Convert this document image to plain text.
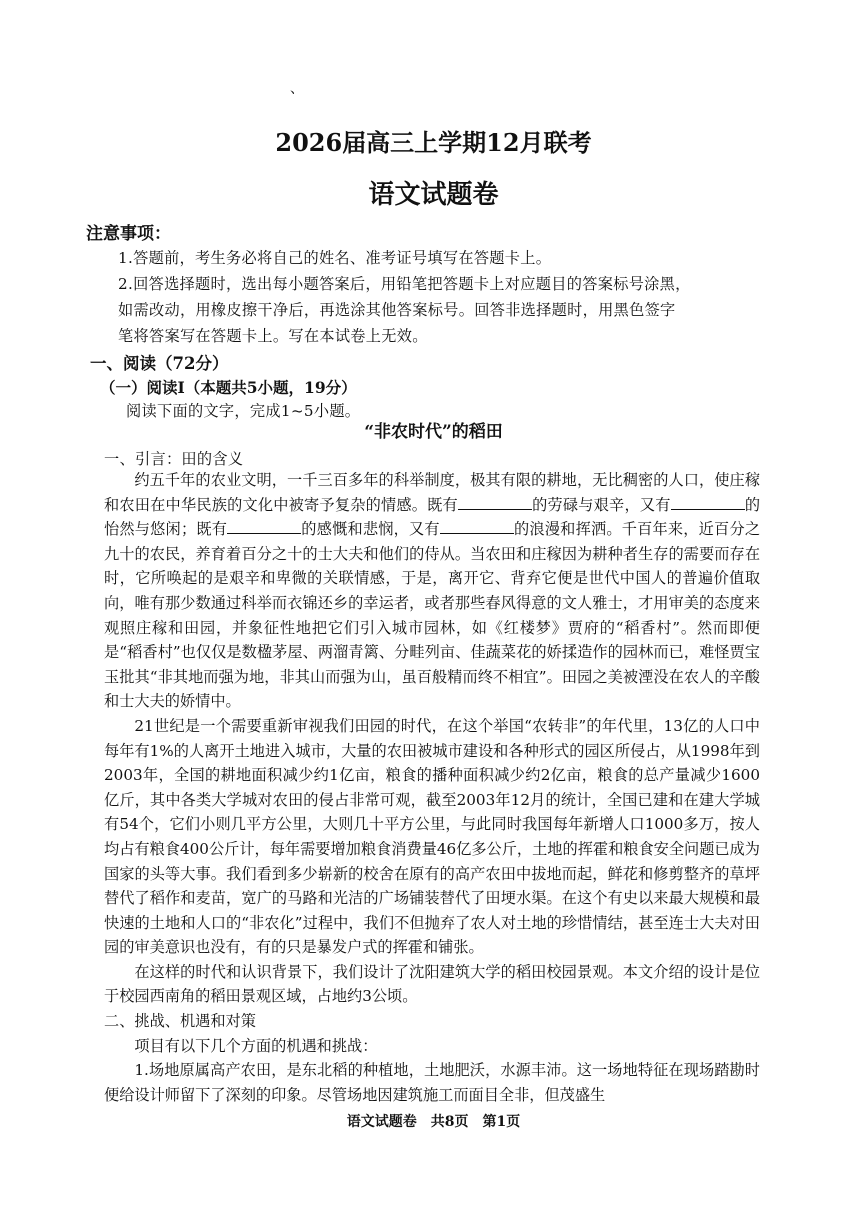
、
2026届高三上学期12月联考
语文试题卷
注意事项：
1.答题前，考生务必将自己的姓名、准考证号填写在答题卡上。
2.回答选择题时，选出每小题答案后，用铅笔把答题卡上对应题目的答案标号涂黑，
如需改动，用橡皮擦干净后，再选涂其他答案标号。回答非选择题时，用黑色签字
笔将答案写在答题卡上。写在本试卷上无效。
一、阅读（72分）
（一）阅读I（本题共5小题，19分）
阅读下面的文字，完成1~5小题。
“非农时代”的稻田
一、引言：田的含义

约五千年的农业文明，一千三百多年的科举制度，极其有限的耕地，无比稠密的人口，使庄稼和农田在中华民族的文化中被寄予复杂的情感。既有	的劳碌与艰辛，又有	的怡然与悠闲；既有	的感慨和悲悯，又有	的浪漫和挥洒。千百年来，近百分之九十的农民，养育着百分之十的士大夫和他们的侍从。当农田和庄稼因为耕种者生存的需要而存在时，它所唤起的是艰辛和卑微的关联情感，于是，离开它、背弃它便是世代中国人的普遍价值取向，唯有那少数通过科举而衣锦还乡的幸运者，或者那些春风得意的文人雅士，才用审美的态度来观照庄稼和田园，并象征性地把它们引入城市园林，如《红楼梦》贾府的“稻香村”。然而即便是“稻香村”也仅仅是数楹茅屋、两溜青篱、分畦列亩、佳蔬菜花的娇揉造作的园林而已，难怪贾宝玉批其“非其地而强为地，非其山而强为山，虽百般精而终不相宜”。田园之美被湮没在农人的辛酸和士大夫的娇情中。

21世纪是一个需要重新审视我们田园的时代，在这个举国“农转非”的年代里，13亿的人口中每年有1%的人离开土地进入城市，大量的农田被城市建设和各种形式的园区所侵占，从1998年到2003年，全国的耕地面积减少约1亿亩，粮食的播种面积减少约2亿亩，粮食的总产量减少1600亿斤，其中各类大学城对农田的侵占非常可观，截至2003年12月的统计，全国已建和在建大学城有54个，它们小则几平方公里，大则几十平方公里，与此同时我国每年新增人口1000多万，按人均占有粮食400公斤计，每年需要增加粮食消费量46亿多公斤，土地的挥霍和粮食安全问题已成为国家的头等大事。我们看到多少崭新的校舍在原有的高产农田中拔地而起，鲜花和修剪整齐的草坪替代了稻作和麦苗，宽广的马路和光洁的广场铺装替代了田埂水渠。在这个有史以来最大规模和最快速的土地和人口的“非农化”过程中，我们不但抛弃了农人对土地的珍惜情结，甚至连士大夫对田园的审美意识也没有，有的只是暴发户式的挥霍和铺张。

在这样的时代和认识背景下，我们设计了沈阳建筑大学的稻田校园景观。本文介绍的设计是位于校园西南角的稻田景观区域，占地约3公顷。

二、挑战、机遇和对策

项目有以下几个方面的机遇和挑战：

1.场地原属高产农田，是东北稻的种植地，土地肥沃，水源丰沛。这一场地特征在现场踏勘时便给设计师留下了深刻的印象。尽管场地因建筑施工而面目全非，但茂盛生

语文试题卷　共8页　第1页
